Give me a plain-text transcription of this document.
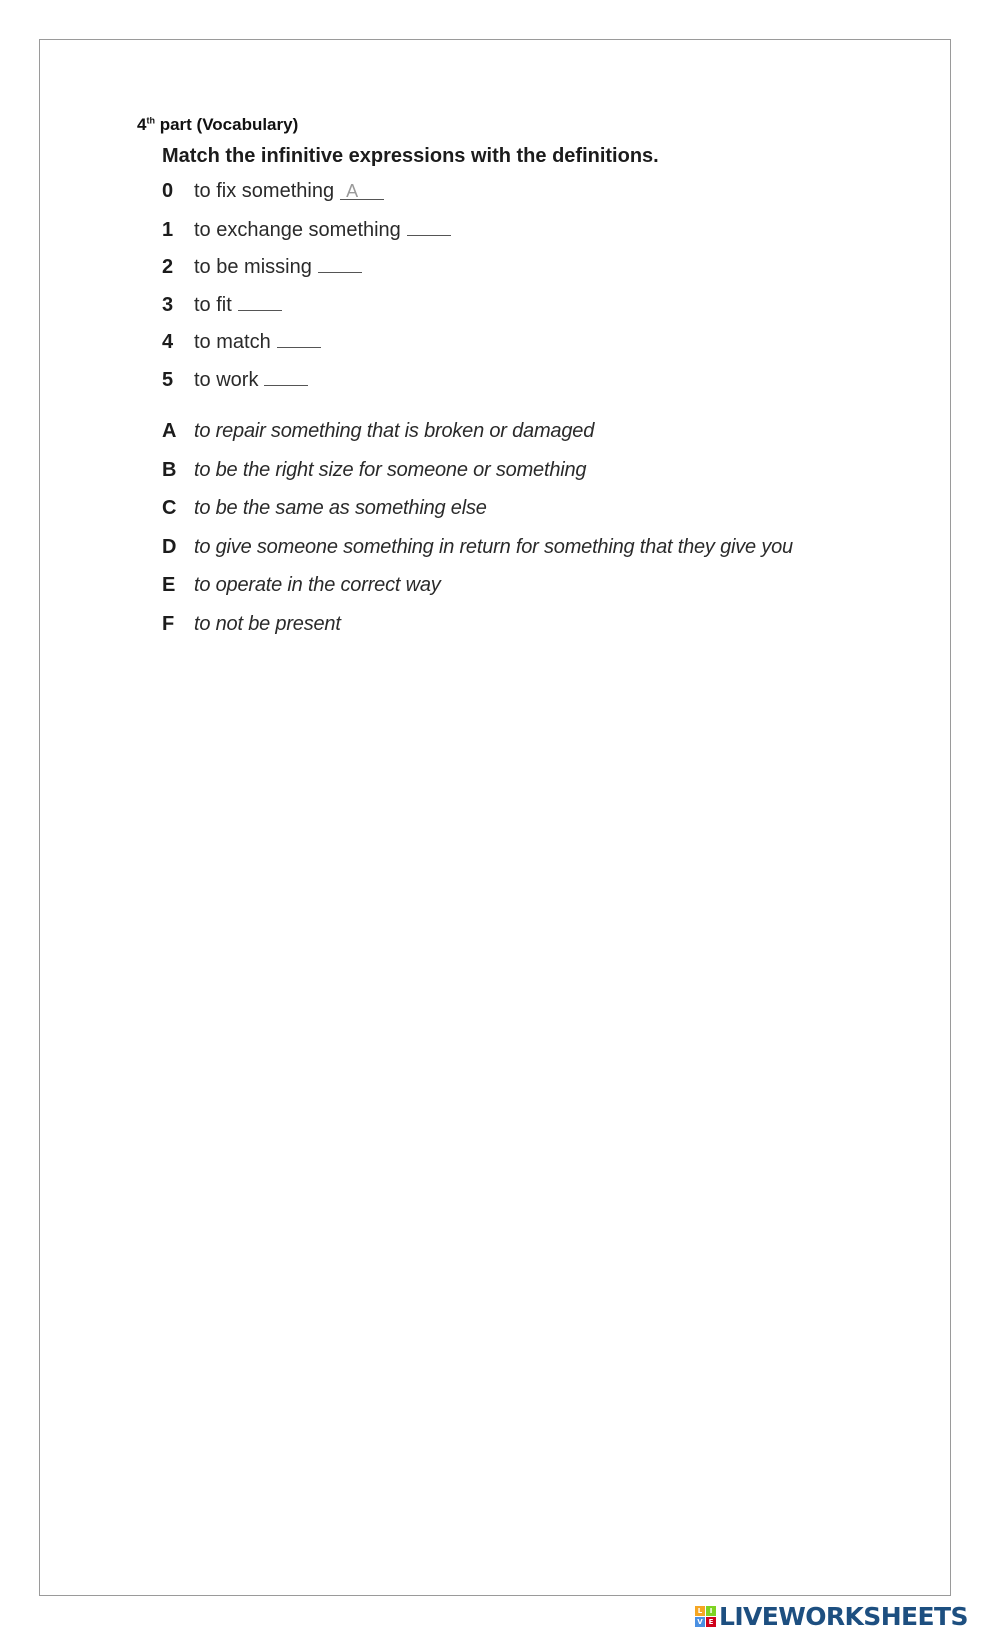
4th part (Vocabulary)

Match the infinitive expressions with the definitions.

0	to fix something A
1	to exchange something
2	to be missing
3	to fit
4	to match
5	to work
A to repair something that is broken or damaged
B to be the right size for someone or something
C to be the same as something else
D to give someone something in return for something that they give you
E to operate in the correct way
F to not be present
L	I
V E LIVEWORKSHEETS
